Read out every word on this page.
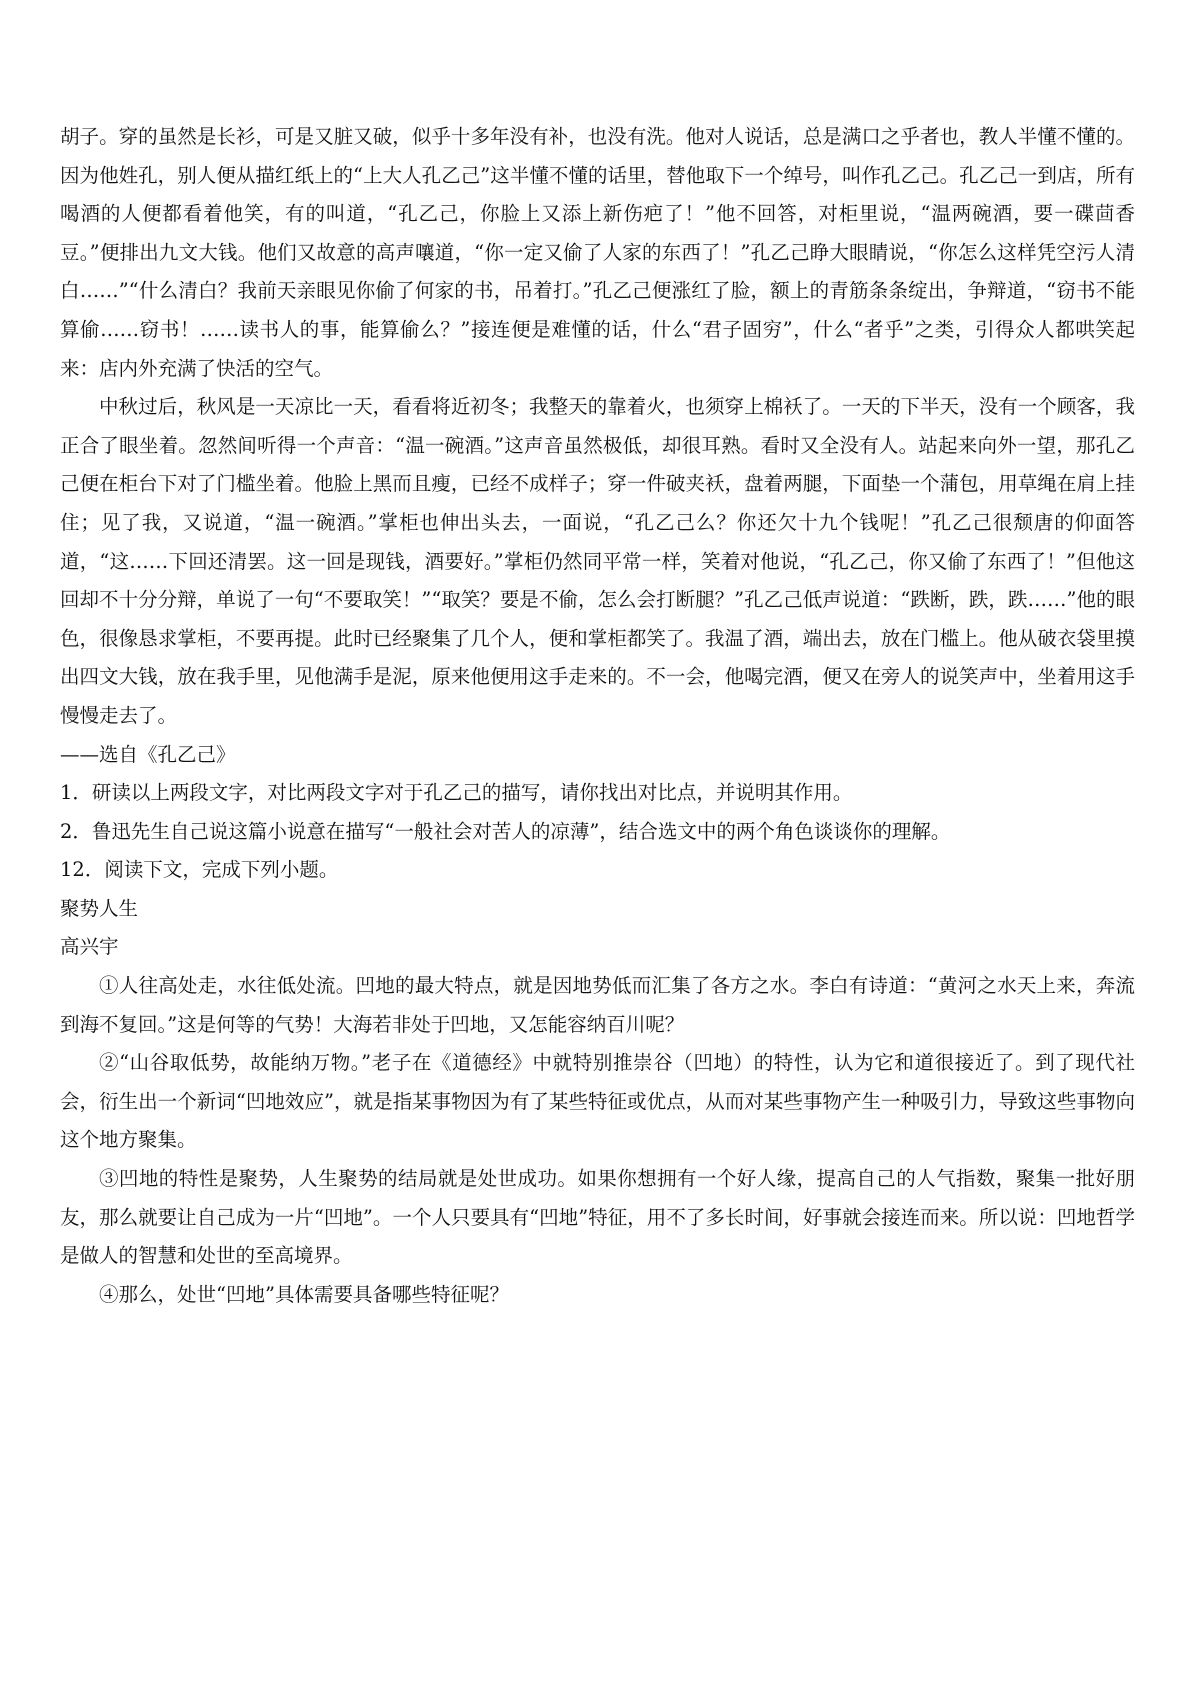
胡子。穿的虽然是长衫，可是又脏又破，似乎十多年没有补，也没有洗。他对人说话，总是满口之乎者也，教人半懂不懂的。因为他姓孔，别人便从描红纸上的“上大人孔乙己”这半懂不懂的话里，替他取下一个绰号，叫作孔乙己。孔乙己一到店，所有喝酒的人便都看着他笑，有的叫道，“孔乙己，你脸上又添上新伤疤了！”他不回答，对柜里说，“温两碗酒，要一碟茴香豆。”便排出九文大钱。他们又故意的高声嚷道，“你一定又偷了人家的东西了！”孔乙己睁大眼睛说，“你怎么这样凭空污人清白……”“什么清白？我前天亲眼见你偷了何家的书，吊着打。”孔乙己便涨红了脸，额上的青筋条条绽出，争辩道，“窃书不能算偷……窃书！……读书人的事，能算偷么？”接连便是难懂的话，什么“君子固穷”，什么“者乎”之类，引得众人都哄笑起来：店内外充满了快活的空气。

中秋过后，秋风是一天凉比一天，看看将近初冬；我整天的靠着火，也须穿上棉袄了。一天的下半天，没有一个顾客，我正合了眼坐着。忽然间听得一个声音：“温一碗酒。”这声音虽然极低，却很耳熟。看时又全没有人。站起来向外一望，那孔乙己便在柜台下对了门槛坐着。他脸上黑而且瘦，已经不成样子；穿一件破夹袄，盘着两腿，下面垫一个蒲包，用草绳在肩上挂住；见了我，又说道，“温一碗酒。”掌柜也伸出头去，一面说，“孔乙己么？你还欠十九个钱呢！”孔乙己很颓唐的仰面答道，“这……下回还清罢。这一回是现钱，酒要好。”掌柜仍然同平常一样，笑着对他说，“孔乙己，你又偷了东西了！”但他这回却不十分分辩，单说了一句“不要取笑！”“取笑？要是不偷，怎么会打断腿？”孔乙己低声说道：“跌断，跌，跌……”他的眼色，很像恳求掌柜，不要再提。此时已经聚集了几个人，便和掌柜都笑了。我温了酒，端出去，放在门槛上。他从破衣袋里摸出四文大钱，放在我手里，见他满手是泥，原来他便用这手走来的。不一会，他喝完酒，便又在旁人的说笑声中，坐着用这手慢慢走去了。

——选自《孔乙己》

1．研读以上两段文字，对比两段文字对于孔乙己的描写，请你找出对比点，并说明其作用。

2．鲁迅先生自己说这篇小说意在描写“一般社会对苦人的凉薄”，结合选文中的两个角色谈谈你的理解。

12．阅读下文，完成下列小题。

聚势人生

高兴宇

①人往高处走，水往低处流。凹地的最大特点，就是因地势低而汇集了各方之水。李白有诗道：“黄河之水天上来，奔流到海不复回。”这是何等的气势！大海若非处于凹地，又怎能容纳百川呢？

②“山谷取低势，故能纳万物。”老子在《道德经》中就特别推崇谷（凹地）的特性，认为它和道很接近了。到了现代社会，衍生出一个新词“凹地效应”，就是指某事物因为有了某些特征或优点，从而对某些事物产生一种吸引力，导致这些事物向这个地方聚集。

③凹地的特性是聚势，人生聚势的结局就是处世成功。如果你想拥有一个好人缘，提高自己的人气指数，聚集一批好朋友，那么就要让自己成为一片“凹地”。一个人只要具有“凹地”特征，用不了多长时间，好事就会接连而来。所以说：凹地哲学是做人的智慧和处世的至高境界。

④那么，处世“凹地”具体需要具备哪些特征呢？
